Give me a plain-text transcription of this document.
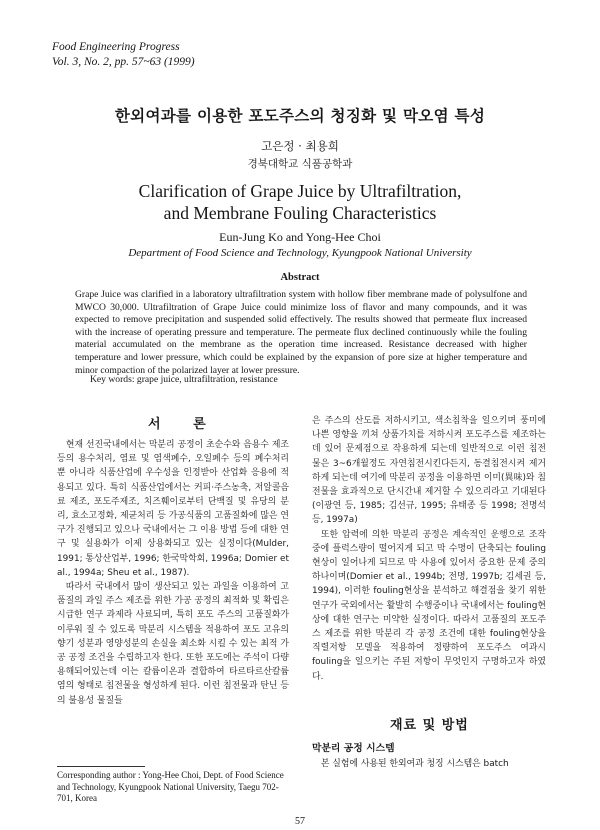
Food Engineering Progress
Vol. 3, No. 2, pp. 57~63 (1999)
한외여과를 이용한 포도주스의 청징화 및 막오염 특성
고은정 · 최용희
경북대학교 식품공학과
Clarification of Grape Juice by Ultrafiltration,
and Membrane Fouling Characteristics
Eun-Jung Ko and Yong-Hee Choi
Department of Food Science and Technology, Kyungpook National University
Abstract
Grape Juice was clarified in a laboratory ultrafiltration system with hollow fiber membrane made of polysulfone and MWCO 30,000. Ultrafiltration of Grape Juice could minimize loss of flavor and many compounds, and it was expected to remove precipitation and suspended solid effectively. The results showed that permeate flux increased with the increase of operating pressure and temperature. The permeate flux declined continuously while the fouling material accumulated on the membrane as the operation time increased. Resistance decreased with higher temperature and lower pressure, which could be explained by the expansion of pore size at higher temperature and minor compaction of the polarized layer at lower pressure.
Key words: grape juice, ultrafiltration, resistance
서 론

현재 선진국내에서는 막분리 공정이 초순수와 음용수 제조등의 용수처리, 염료 및 염색폐수, 오일폐수 등의 폐수처리 뿐 아니라 식품산업에 우수성을 인정받아 산업화 응용에 적용되고 있다. 특히 식품산업에서는 커피·주스농축, 저알콜음료 제조, 포도주제조, 치즈훼이로부터 단백질 및 유당의 분리, 효소고정화, 제균처리 등 가공식품의 고품질화에 많은 연구가 진행되고 있으나 국내에서는 그 이용 방법 등에 대한 연구 및 실용화가 이제 상용화되고 있는 실정이다(Mulder, 1991; 통상산업부, 1996; 한국막학회, 1996a; Domier et al., 1994a; Sheu et al., 1987).

따라서 국내에서 많이 생산되고 있는 과일을 이용하여 고품질의 과일 주스 제조를 위한 가공 공정의 최적화 및 확립은 시급한 연구 과제라 사료되며, 특히 포도 주스의 고품질화가 이루워 질 수 있도록 막분리 시스템을 적용하여 포도 고유의 향기 성분과 영양성분의 손실을 최소화 시킬 수 있는 최적 가공 공정 조건을 수립하고자 한다. 또한 포도에는 주석이 다량 용해되어있는데 이는 칼륨이온과 결합하여 타르타르산칼륨염의 형태로 침전물을 형성하게 된다. 이런 침전물과 탄닌 등의 불용성 물질들

은 주스의 산도를 저하시키고, 색소침착을 일으키며 풍미에 나쁜 영향을 끼쳐 상품가치를 저하시켜 포도주스를 제조하는데 있어 문제점으로 작용하게 되는데 일반적으로 이런 침전물은 3~6개월정도 자연침전시킨다든지, 동결침전시켜 제거하게 되는데 여기에 막분리 공정을 이용하면 이미(異味)와 침전물을 효과적으로 단시간내 제거할 수 있으리라고 기대된다(이광연 등, 1985; 김선규, 1995; 유태종 등 1998; 전명석 등, 1997a)

또한 압력에 의한 막분리 공정은 계속적인 운행으로 조작 중에 플럭스량이 떨어지게 되고 막 수명이 단축되는 fouling현상이 일어나게 되므로 막 사용에 있어서 중요한 문제 중의 하나이며(Domier et al., 1994b; 전명, 1997b; 김세권 등, 1994), 이러한 fouling현상을 분석하고 해결점을 찾기 위한 연구가 국외에서는 활발히 수행중이나 국내에서는 fouling현상에 대한 연구는 미약한 실정이다. 따라서 고품질의 포도주스 제조를 위한 막분리 각 공정 조건에 대한 fouling현상을 직렬저항 모델을 적용하여 정량하여 포도주스 여과시 fouling을 일으키는 주된 저항이 무엇인지 구명하고자 하였다.

재료 및 방법
막분리 공정 시스템
본 실험에 사용된 한외여과 청징 시스템은 batch
Corresponding author : Yong-Hee Choi, Dept. of Food Science and Technology, Kyungpook National University, Taegu 702-701, Korea
57
